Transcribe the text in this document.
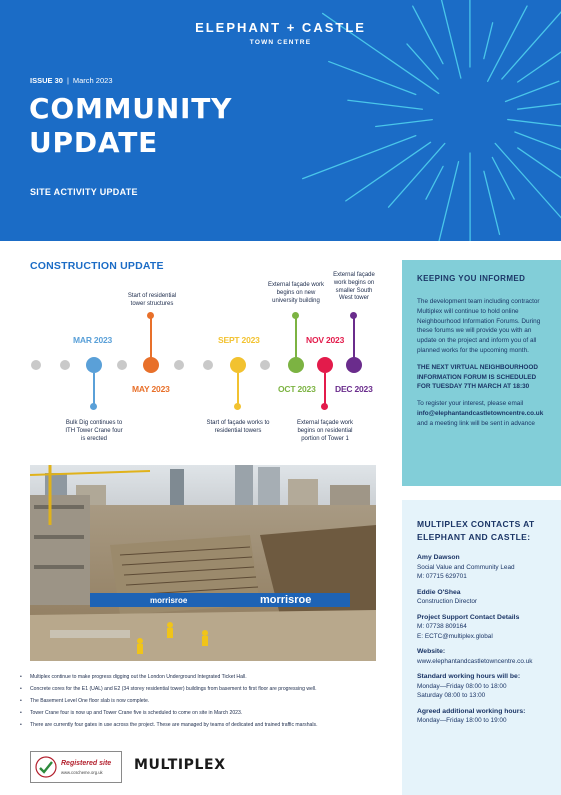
ELEPHANT + CASTLE
TOWN CENTRE
ISSUE 30 | March 2023
COMMUNITY
UPDATE
SITE ACTIVITY UPDATE
CONSTRUCTION UPDATE
MAR 2023
Bulk Dig continues to ITH Tower Crane four is erected
Start of residential tower structures
MAY 2023
SEPT 2023
Start of façade works to residential towers
External façade work begins on new university building
OCT 2023
NOV 2023
External façade work begins on residential portion of Tower 1
External façade work begins on smaller South West tower
DEC 2023
morrisroe	morrisroe
• Multiplex continue to make progress digging out the London Underground Integrated Ticket Hall.
• Concrete cores for the E1 (UAL) and E2 (34 storey residential tower) buildings from basement to first floor are progressing well.
• The Basement Level One floor slab is now complete.
• Tower Crane four is now up and Tower Crane five is scheduled to come on site in March 2023.
• There are currently four gates in use across the project. These are managed by teams of dedicated and trained traffic marshals.
Registered site
www.ccscheme.org.uk MULTIPLEX
KEEPING YOU INFORMED

The development team including contractor Multiplex will continue to hold online Neighbourhood Information Forums. During these forums we will provide you with an update on the project and inform you of all planned works for the upcoming month.

THE NEXT VIRTUAL NEIGHBOURHOOD INFORMATION FORUM IS SCHEDULED FOR TUESDAY 7TH MARCH AT 18:30

To register your interest, please email info@elephantandcastletowncentre.co.uk and a meeting link will be sent in advance

MULTIPLEX CONTACTS AT ELEPHANT AND CASTLE:
Amy Dawson
Social Value and Community Lead
M: 07715 629701
Eddie O'Shea
Construction Director
Project Support Contact Details
M: 07738 809164
E: ECTC@multiplex.global
Website:
www.elephantandcastletowncentre.co.uk
Standard working hours will be:
Monday—Friday 08:00 to 18:00
Saturday 08:00 to 13:00
Agreed additional working hours:
Monday—Friday 18:00 to 19:00
